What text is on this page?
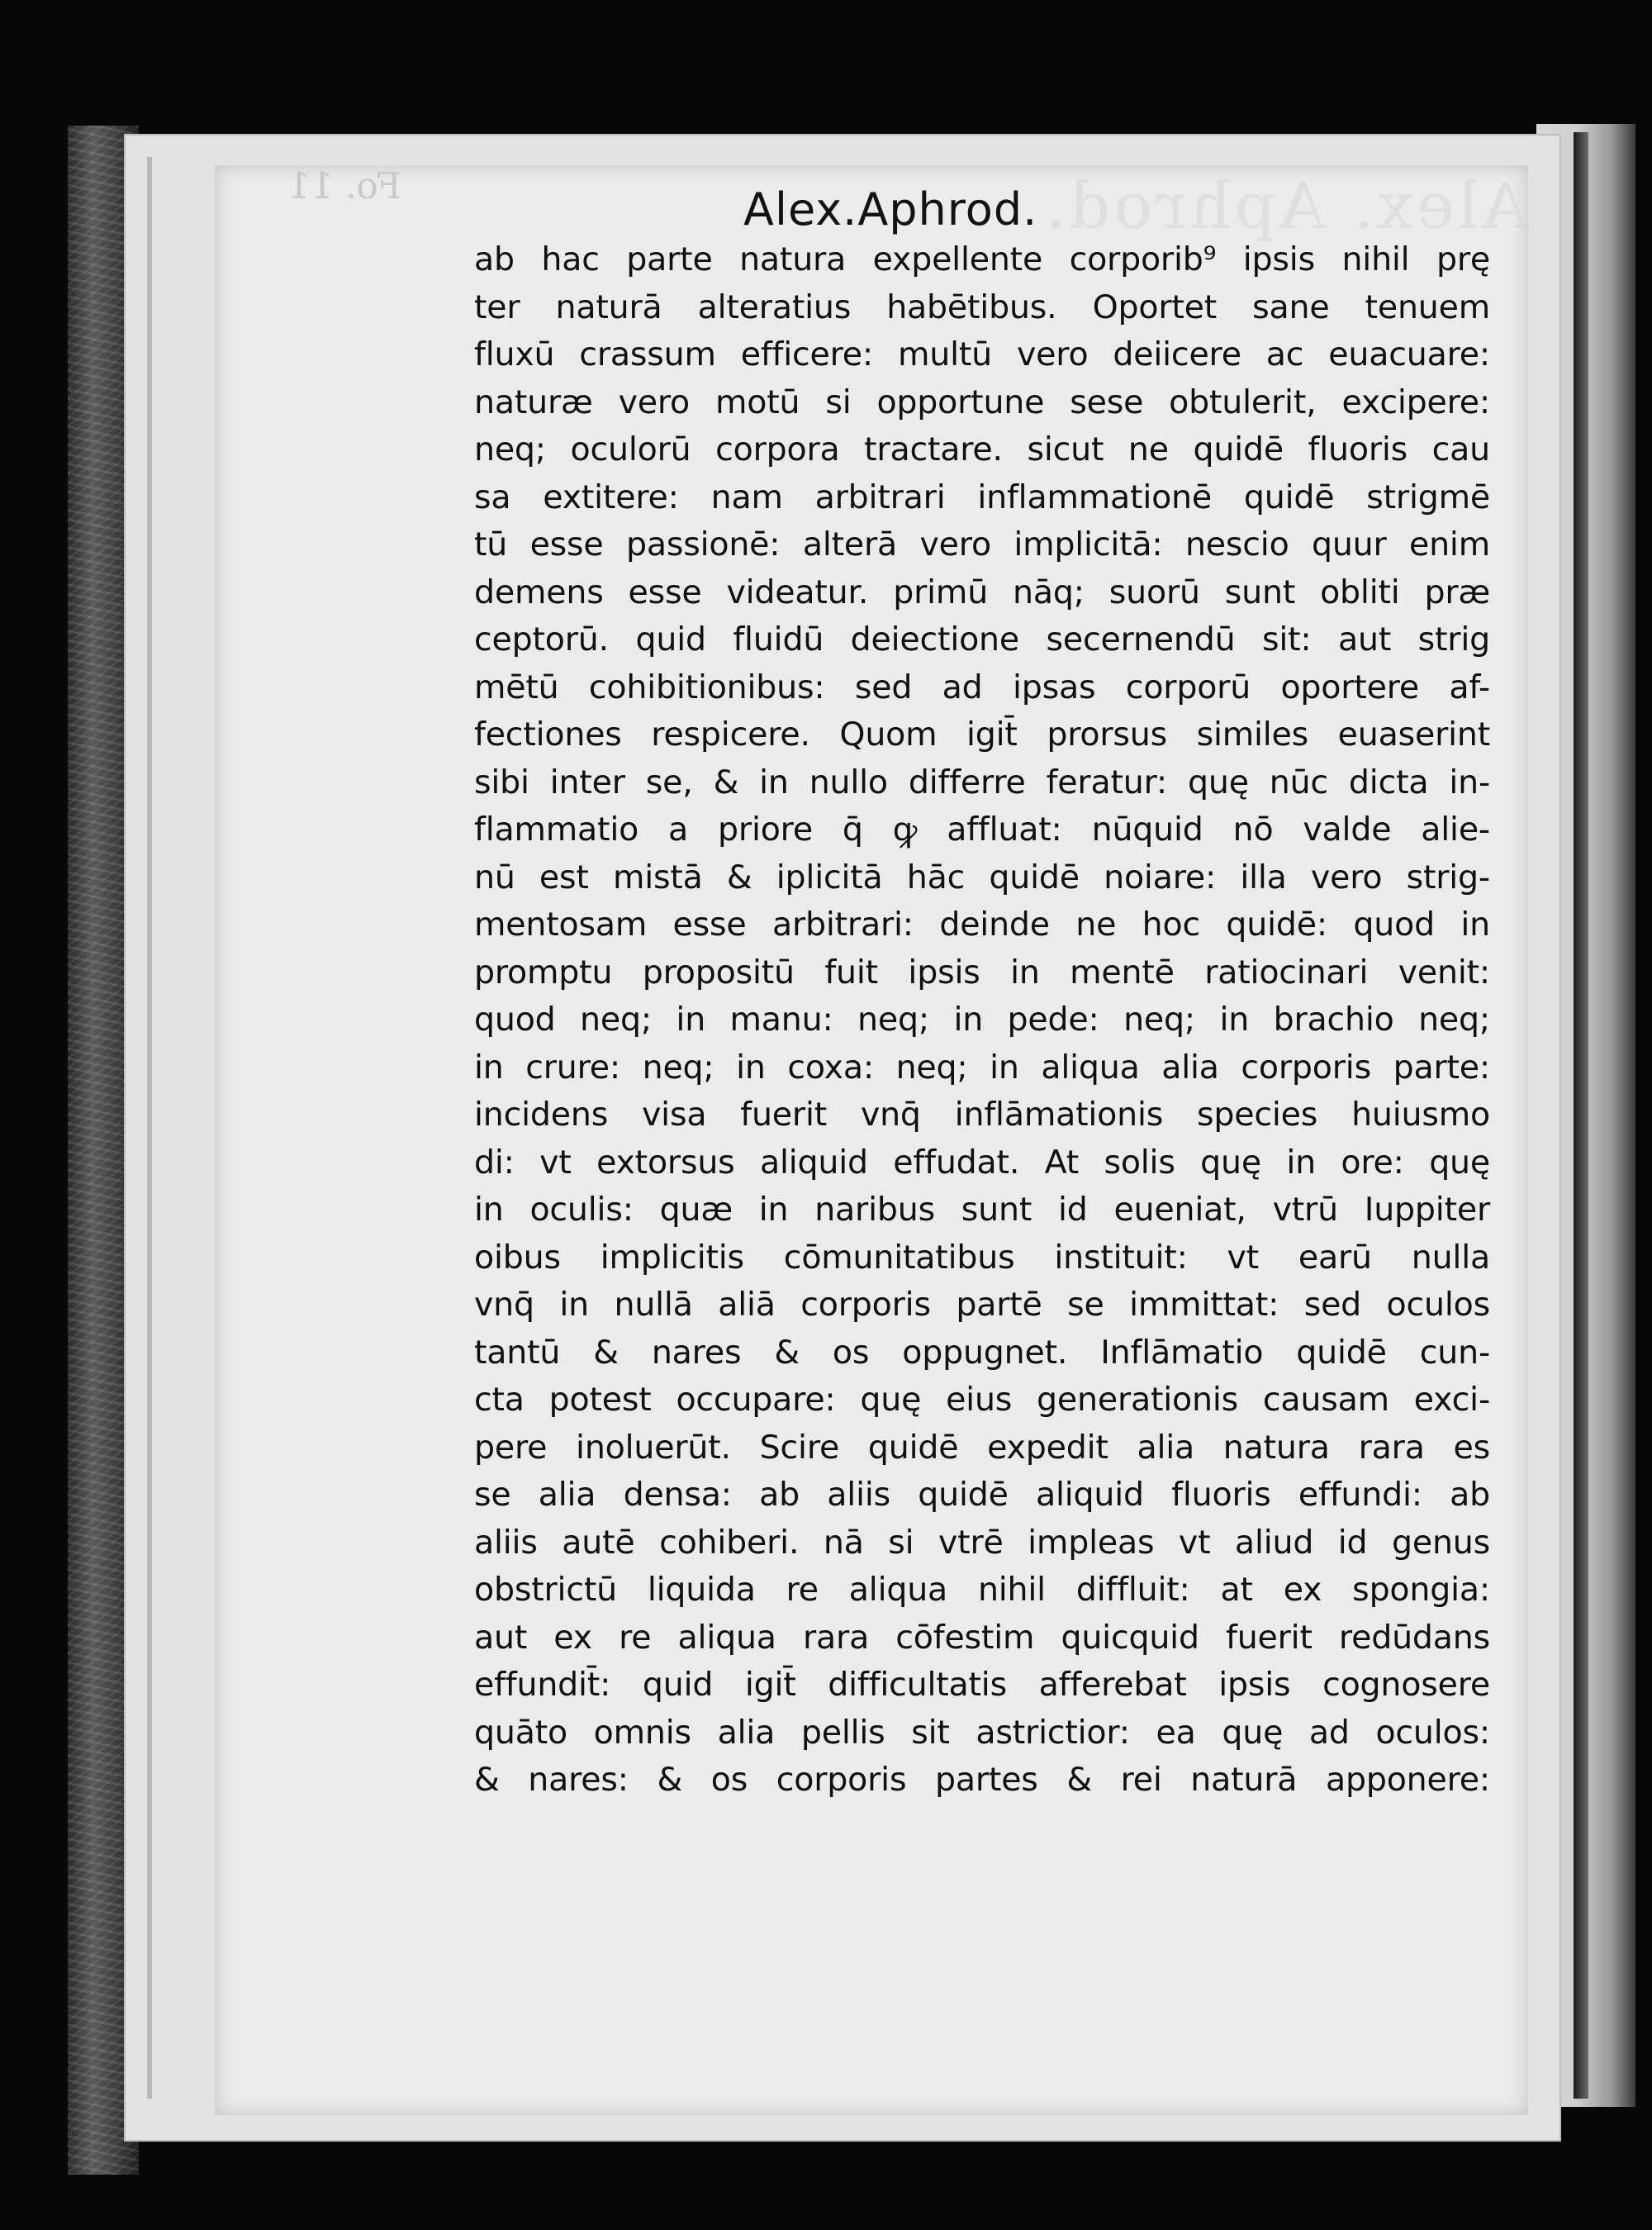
Alex. Aphrod.
Fo. 11	Alex.Aphrod.
ab hac parte natura expellente corporib⁹ ipsis nihil prę
ter naturā alteratius habētibus. Oportet sane tenuem
fluxū crassum efficere: multū vero deiicere ac euacuare:
naturæ vero motū si opportune sese obtulerit, excipere:
neq; oculorū corpora tractare. sicut ne quidē fluoris cau
sa extitere: nam arbitrari inflammationē quidē strigmē
tū esse passionē: alterā vero implicitā: nescio quur enim
demens esse videatur. primū nāq; suorū sunt obliti præ
ceptorū. quid fluidū deiectione secernendū sit: aut strig
mētū cohibitionibus: sed ad ipsas corporū oportere af-
fectiones respicere. Quom igit̄ prorsus similes euaserint
sibi inter se, & in nullo differre feratur: quę nūc dicta in-
flammatio a priore q̄ ꝙ affluat: nūquid nō valde alie-
nū est mistā & iplicitā hāc quidē noiare: illa vero strig-
mentosam esse arbitrari: deinde ne hoc quidē: quod in
promptu propositū fuit ipsis in mentē ratiocinari venit:
quod neq; in manu: neq; in pede: neq; in brachio neq;
in crure: neq; in coxa: neq; in aliqua alia corporis parte:
incidens visa fuerit vnq̄ inflāmationis species huiusmo
di: vt extorsus aliquid effudat. At solis quę in ore: quę
in oculis: quæ in naribus sunt id eueniat, vtrū Iuppiter
oibus implicitis cōmunitatibus instituit: vt earū nulla
vnq̄ in nullā aliā corporis partē se immittat: sed oculos
tantū & nares & os oppugnet. Inflāmatio quidē cun-
cta potest occupare: quę eius generationis causam exci-
pere inoluerūt. Scire quidē expedit alia natura rara es
se alia densa: ab aliis quidē aliquid fluoris effundi: ab
aliis autē cohiberi. nā si vtrē impleas vt aliud id genus
obstrictū liquida re aliqua nihil diffluit: at ex spongia:
aut ex re aliqua rara cōfestim quicquid fuerit redūdans
effundit̄: quid igit̄ difficultatis afferebat ipsis cognosere
quāto omnis alia pellis sit astrictior: ea quę ad oculos:
& nares: & os corporis partes & rei naturā apponere:
